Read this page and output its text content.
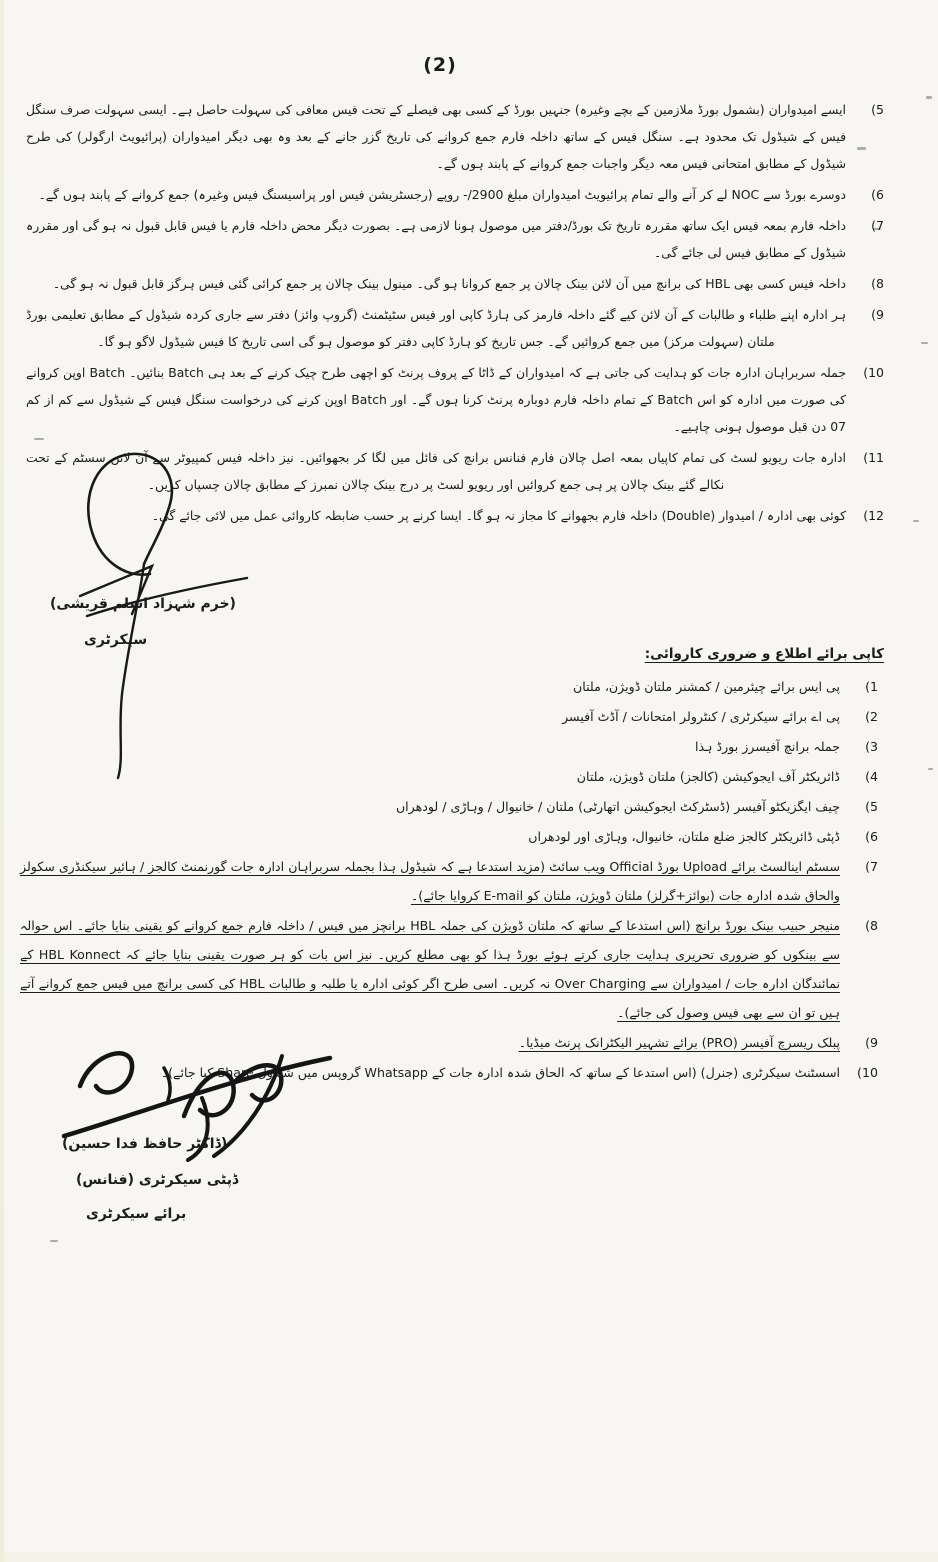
(2)
(5
ایسے امیدواران (بشمول بورڈ ملازمین کے بچے وغیرہ) جنہیں بورڈ کے کسی بھی فیصلے کے تحت فیس معافی کی سہولت حاصل ہے۔ ایسی سہولت صرف سنگل فیس کے شیڈول تک محدود ہے۔ سنگل فیس کے ساتھ داخلہ فارم جمع کروانے کی تاریخ گزر جانے کے بعد وہ بھی دیگر امیدواران (پرائیویٹ ارگولر) کی طرح شیڈول کے مطابق امتحانی فیس معہ دیگر واجبات جمع کروانے کے پابند ہوں گے۔
(6
دوسرے بورڈ سے NOC لے کر آنے والے تمام پرائیویٹ امیدواران مبلغ 2900/- روپے (رجسٹریشن فیس اور پراسیسنگ فیس وغیرہ) جمع کروانے کے پابند ہوں گے۔
(7
داخلہ فارم بمعہ فیس ایک ساتھ مقررہ تاریخ تک بورڈ/دفتر میں موصول ہونا لازمی ہے۔ بصورت دیگر محض داخلہ فارم یا فیس قابل قبول نہ ہو گی اور مقررہ شیڈول کے مطابق فیس لی جائے گی۔
(8
داخلہ فیس کسی بھی HBL کی برانچ میں آن لائن بینک چالان پر جمع کروانا ہو گی۔ مینول بینک چالان پر جمع کرائی گئی فیس ہرگز قابل قبول نہ ہو گی۔
(9
ہر ادارہ اپنے طلباء و طالبات کے آن لائن کیے گئے داخلہ فارمز کی ہارڈ کاپی اور فیس سٹیٹمنٹ (گروپ وائز) دفتر سے جاری کردہ شیڈول کے مطابق تعلیمی بورڈ ملتان (سہولت مرکز) میں جمع کروائیں گے۔ جس تاریخ کو ہارڈ کاپی دفتر کو موصول ہو گی اسی تاریخ کا فیس شیڈول لاگو ہو گا۔
(10
جملہ سربراہان ادارہ جات کو ہدایت کی جاتی ہے کہ امیدواران کے ڈاٹا کے پروف پرنٹ کو اچھی طرح چیک کرنے کے بعد ہی Batch بنائیں۔ Batch اوپن کروانے کی صورت میں ادارہ کو اس Batch کے تمام داخلہ فارم دوبارہ پرنٹ کرنا ہوں گے۔ اور Batch اوپن کرنے کی درخواست سنگل فیس کے شیڈول سے کم از کم 07 دن قبل موصول ہونی چاہیے۔
(11
ادارہ جات ریویو لسٹ کی تمام کاپیاں بمعہ اصل چالان فارم فنانس برانچ کی فائل میں لگا کر بجھوائیں۔ نیز داخلہ فیس کمپیوٹر سے آن لائن سسٹم کے تحت نکالے گئے بینک چالان پر ہی جمع کروائیں اور ریویو لسٹ پر درج بینک چالان نمبرز کے مطابق چالان چسپاں کریں۔
(12
کوئی بھی ادارہ / امیدوار (Double) داخلہ فارم بجھوانے کا مجاز نہ ہو گا۔ ایسا کرنے پر حسب ضابطہ کاروائی عمل میں لائی جائے گی۔
(خرم شہزاد اسلم قریشی)
سیکرٹری
کاپی برائے اطلاع و ضروری کاروائی:
(1
پی ایس برائے چیئرمین / کمشنر ملتان ڈویژن، ملتان
(2
پی اے برائے سیکرٹری / کنٹرولر امتحانات / آڈٹ آفیسر
(3
جملہ برانچ آفیسرز بورڈ ہذا
(4
ڈائریکٹر آف ایجوکیشن (کالجز) ملتان ڈویژن، ملتان
(5
چیف ایگزیکٹو آفیسر (ڈسٹرکٹ ایجوکیشن اتھارٹی) ملتان / خانیوال / وہاڑی / لودھراں
(6
ڈپٹی ڈائریکٹر کالجز ضلع ملتان، خانیوال، وہاڑی اور لودھراں
(7
سسٹم اینالسٹ برائے Upload بورڈ Official ویب سائٹ (مزید استدعا ہے کہ شیڈول ہذا بجملہ سربراہان ادارہ جات گورنمنٹ کالجز / ہائیر سیکنڈری سکولز والحاق شدہ ادارہ جات (بوائز+گرلز) ملتان ڈویژن، ملتان کو E-mail کروایا جائے)۔
(8
منیجر حبیب بینک بورڈ برانچ (اس استدعا کے ساتھ کہ ملتان ڈویژن کی جملہ HBL برانچز میں فیس / داخلہ فارم جمع کروانے کو یقینی بنایا جائے۔ اس حوالہ سے بینکوں کو ضروری تحریری ہدایت جاری کرتے ہوئے بورڈ ہذا کو بھی مطلع کریں۔ نیز اس بات کو ہر صورت یقینی بنایا جائے کہ HBL Konnect کے نمائندگان ادارہ جات / امیدواران سے Over Charging نہ کریں۔ اسی طرح اگر کوئی ادارہ یا طلبہ و طالبات HBL کی کسی برانچ میں فیس جمع کروانے آتے ہیں تو ان سے بھی فیس وصول کی جائے)۔
(9
پبلک ریسرچ آفیسر (PRO) برائے تشہیر الیکٹرانک پرنٹ میڈیا۔
(10
اسسٹنٹ سیکرٹری (جنرل) (اس استدعا کے ساتھ کہ الحاق شدہ ادارہ جات کے Whatsapp گروپس میں شیڈول Share کیا جائے)۔
(ڈاکٹر حافظ فدا حسین)
ڈپٹی سیکرٹری (فنانس)
برائے سیکرٹری
